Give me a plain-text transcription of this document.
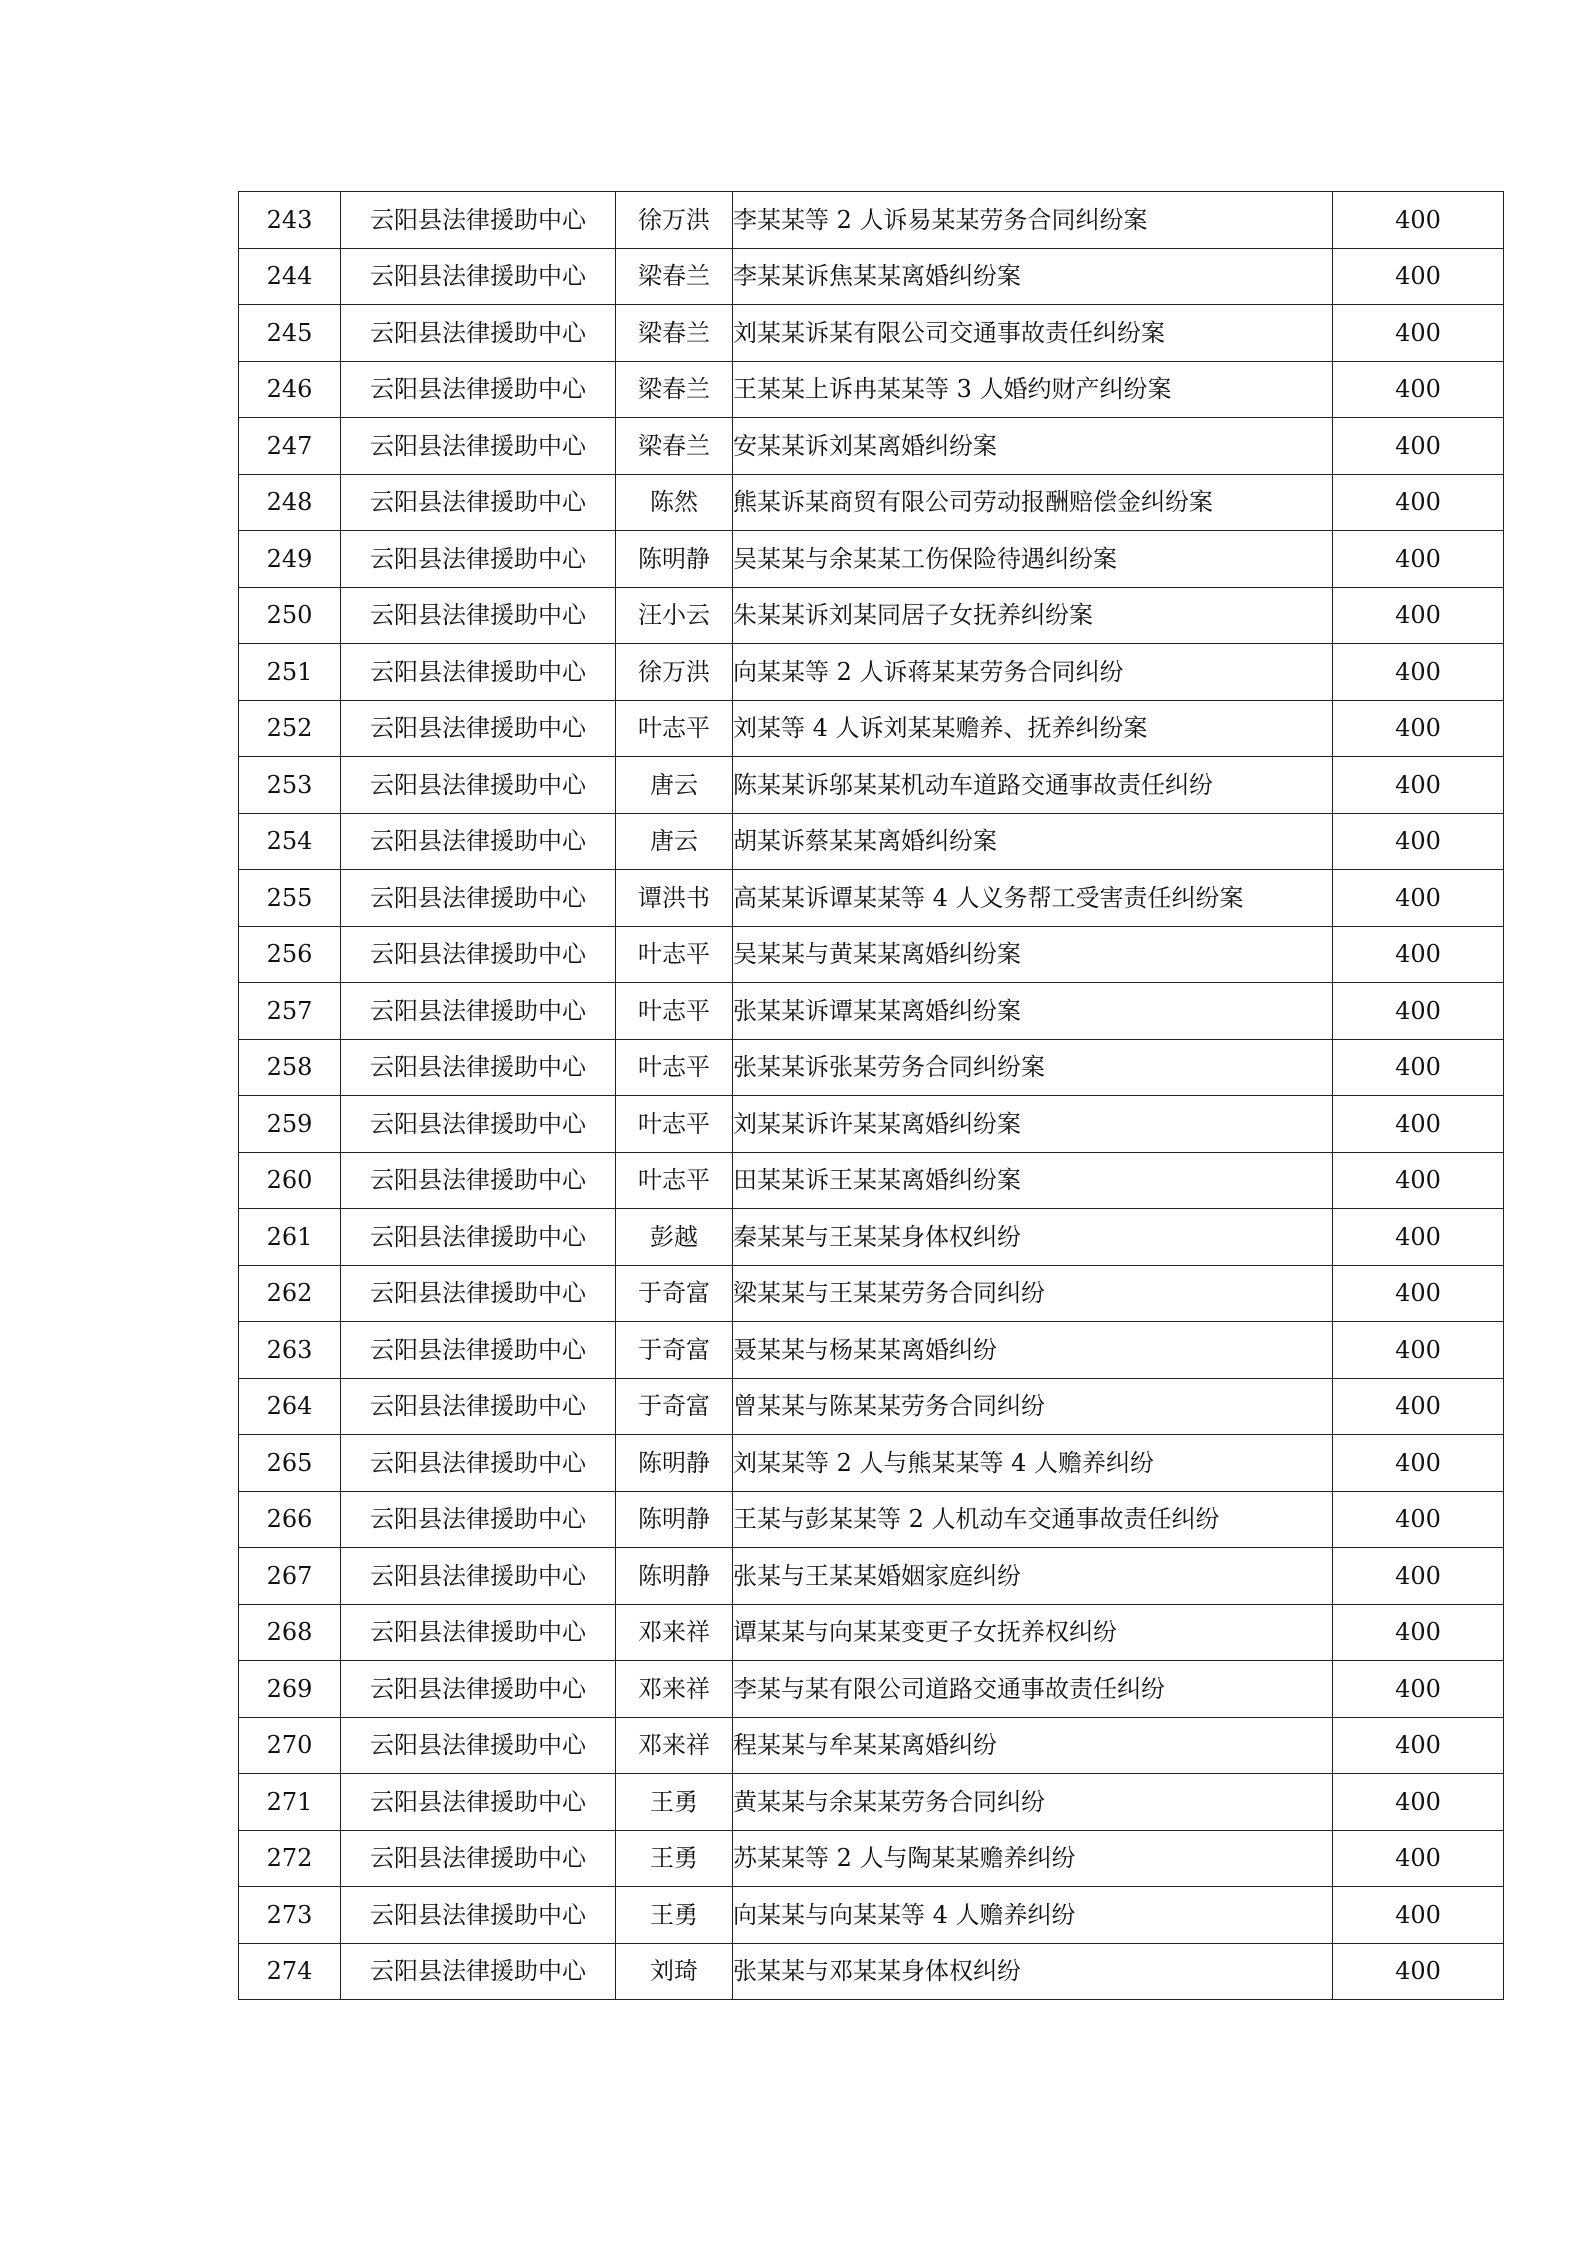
243	云阳县法律援助中心	徐万洪	李某某等 2 人诉易某某劳务合同纠纷案	400
244	云阳县法律援助中心	梁春兰	李某某诉焦某某离婚纠纷案	400
245	云阳县法律援助中心	梁春兰	刘某某诉某有限公司交通事故责任纠纷案	400
246	云阳县法律援助中心	梁春兰	王某某上诉冉某某等 3 人婚约财产纠纷案	400
247	云阳县法律援助中心	梁春兰	安某某诉刘某离婚纠纷案	400
248	云阳县法律援助中心	陈然	熊某诉某商贸有限公司劳动报酬赔偿金纠纷案	400
249	云阳县法律援助中心	陈明静	吴某某与余某某工伤保险待遇纠纷案	400
250	云阳县法律援助中心	汪小云	朱某某诉刘某同居子女抚养纠纷案	400
251	云阳县法律援助中心	徐万洪	向某某等 2 人诉蒋某某劳务合同纠纷	400
252	云阳县法律援助中心	叶志平	刘某等 4 人诉刘某某赡养、抚养纠纷案	400
253	云阳县法律援助中心	唐云	陈某某诉邬某某机动车道路交通事故责任纠纷	400
254	云阳县法律援助中心	唐云	胡某诉蔡某某离婚纠纷案	400
255	云阳县法律援助中心	谭洪书	高某某诉谭某某等 4 人义务帮工受害责任纠纷案	400
256	云阳县法律援助中心	叶志平	吴某某与黄某某离婚纠纷案	400
257	云阳县法律援助中心	叶志平	张某某诉谭某某离婚纠纷案	400
258	云阳县法律援助中心	叶志平	张某某诉张某劳务合同纠纷案	400
259	云阳县法律援助中心	叶志平	刘某某诉许某某离婚纠纷案	400
260	云阳县法律援助中心	叶志平	田某某诉王某某离婚纠纷案	400
261	云阳县法律援助中心	彭越	秦某某与王某某身体权纠纷	400
262	云阳县法律援助中心	于奇富	梁某某与王某某劳务合同纠纷	400
263	云阳县法律援助中心	于奇富	聂某某与杨某某离婚纠纷	400
264	云阳县法律援助中心	于奇富	曾某某与陈某某劳务合同纠纷	400
265	云阳县法律援助中心	陈明静	刘某某等 2 人与熊某某等 4 人赡养纠纷	400
266	云阳县法律援助中心	陈明静	王某与彭某某等 2 人机动车交通事故责任纠纷	400
267	云阳县法律援助中心	陈明静	张某与王某某婚姻家庭纠纷	400
268	云阳县法律援助中心	邓来祥	谭某某与向某某变更子女抚养权纠纷	400
269	云阳县法律援助中心	邓来祥	李某与某有限公司道路交通事故责任纠纷	400
270	云阳县法律援助中心	邓来祥	程某某与牟某某离婚纠纷	400
271	云阳县法律援助中心	王勇	黄某某与余某某劳务合同纠纷	400
272	云阳县法律援助中心	王勇	苏某某等 2 人与陶某某赡养纠纷	400
273	云阳县法律援助中心	王勇	向某某与向某某等 4 人赡养纠纷	400
274	云阳县法律援助中心	刘琦	张某某与邓某某身体权纠纷	400
